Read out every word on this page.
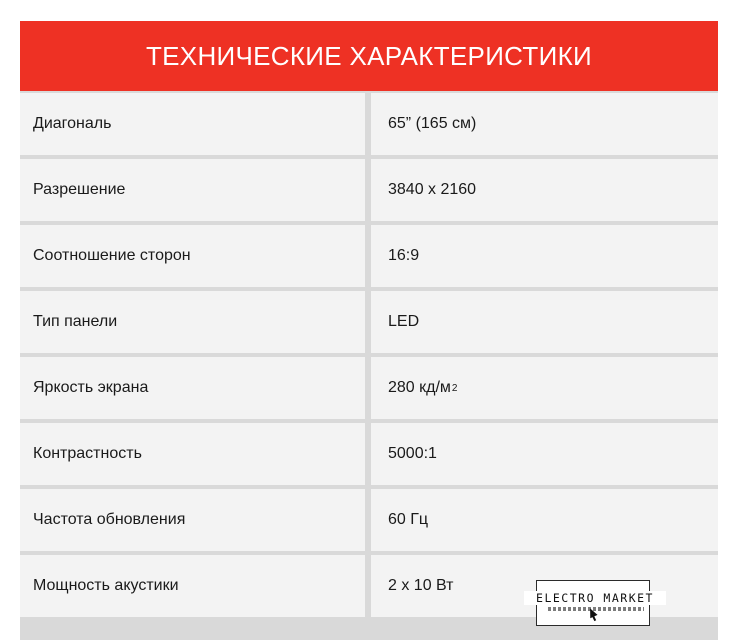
ТЕХНИЧЕСКИЕ ХАРАКТЕРИСТИКИ
Диагональ	65” (165 см)
Разрешение	3840 x 2160
Соотношение сторон	16:9
Тип панели	LED
Яркость экрана	280 кд/м 2
Контрастность	5000:1
Частота обновления	60 Гц
Мощность акустики	2 x 10 Вт
ELECTRO MARKET
